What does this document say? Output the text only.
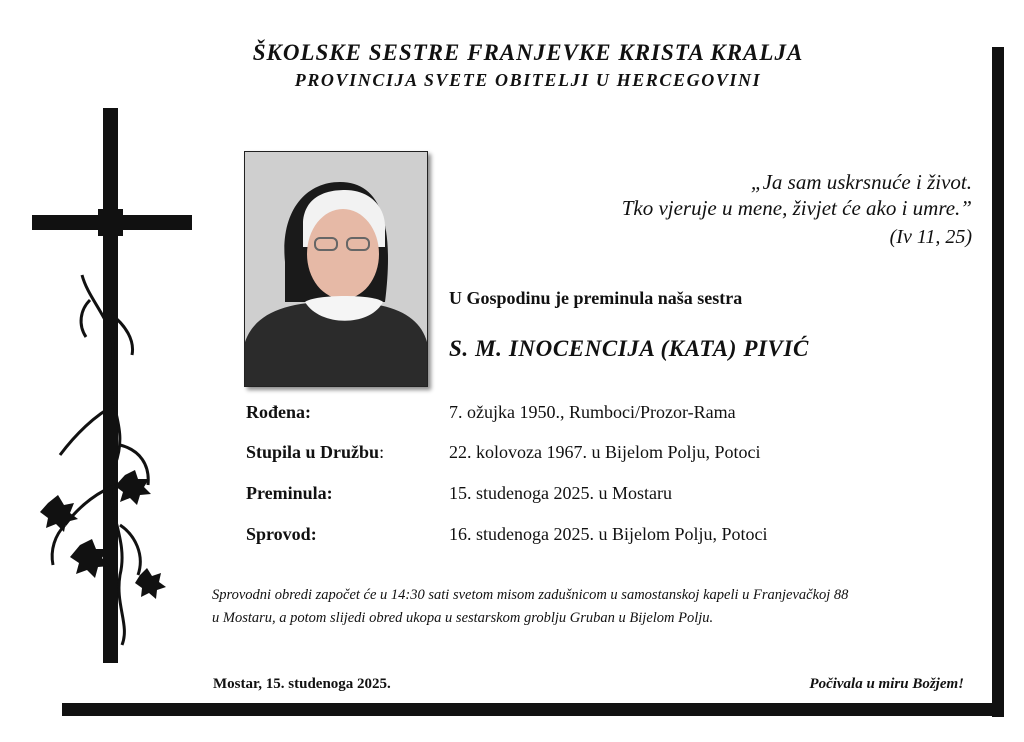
ŠKOLSKE SESTRE FRANJEVKE KRISTA KRALJA
PROVINCIJA SVETE OBITELJI U HERCEGOVINI
„Ja sam uskrsnuće i život.
Tko vjeruje u mene, živjet će ako i umre.”
(Iv 11, 25)
U Gospodinu je preminula naša sestra
S. M. INOCENCIJA (KATA) PIVIĆ
Rođena:	7. ožujka 1950., Rumboci/Prozor-Rama
Stupila u Družbu:	22. kolovoza 1967. u Bijelom Polju, Potoci
Preminula:	15. studenoga 2025. u Mostaru
Sprovod:	16. studenoga 2025. u Bijelom Polju, Potoci
Sprovodni obredi započet će u 14:30 sati svetom misom zadušnicom u samostanskoj kapeli u Franjevačkoj 88
u Mostaru, a potom slijedi obred ukopa u sestarskom groblju Gruban u Bijelom Polju.
Mostar, 15. studenoga 2025.	Počivala u miru Božjem!
